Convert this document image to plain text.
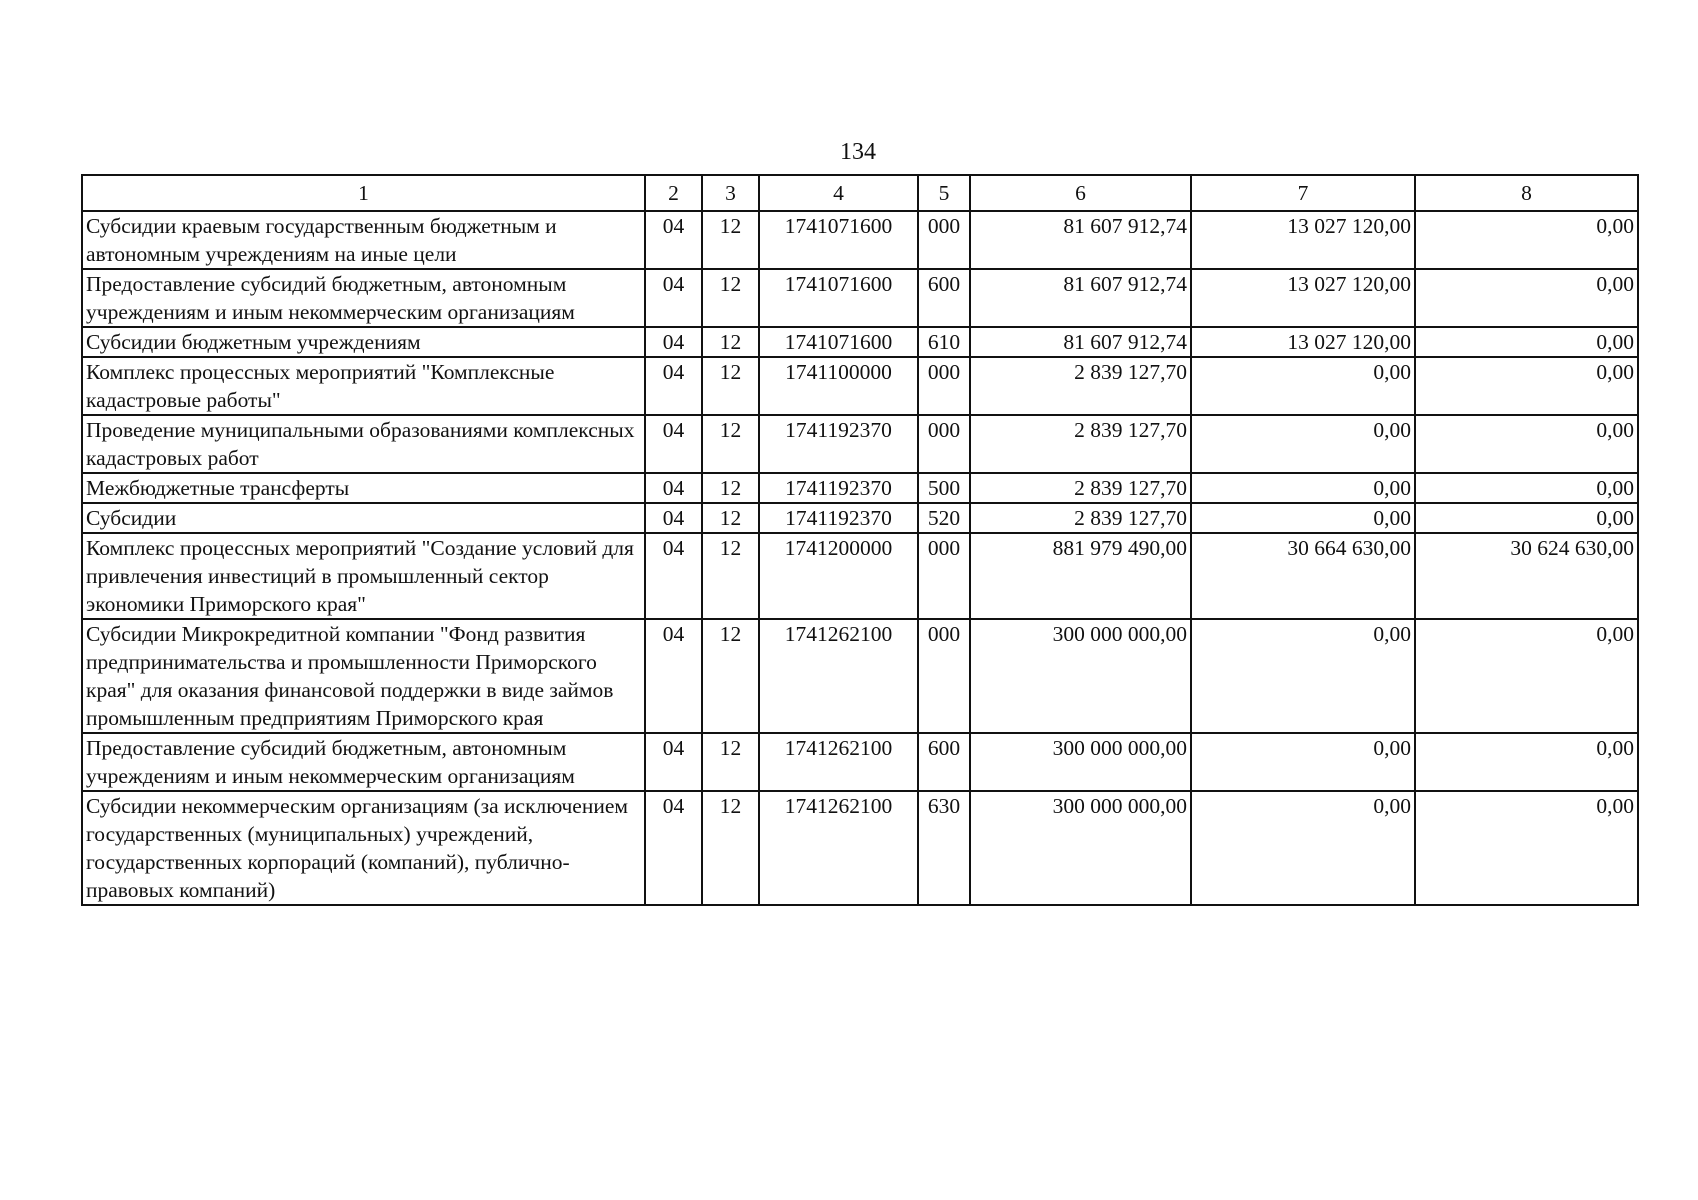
134
1	2	3	4	5	6	7	8
Субсидии краевым государственным бюджетным и автономным учреждениям на иные цели	04	12	1741071600	000	81 607 912,74	13 027 120,00	0,00
Предоставление субсидий бюджетным, автономным учреждениям и иным некоммерческим организациям	04	12	1741071600	600	81 607 912,74	13 027 120,00	0,00
Субсидии бюджетным учреждениям	04	12	1741071600	610	81 607 912,74	13 027 120,00	0,00
Комплекс процессных мероприятий "Комплексные кадастровые работы"	04	12	1741100000	000	2 839 127,70	0,00	0,00
Проведение муниципальными образованиями комплексных кадастровых работ	04	12	1741192370	000	2 839 127,70	0,00	0,00
Межбюджетные трансферты	04	12	1741192370	500	2 839 127,70	0,00	0,00
Субсидии	04	12	1741192370	520	2 839 127,70	0,00	0,00
Комплекс процессных мероприятий "Создание условий для привлечения инвестиций в промышленный сектор экономики Приморского края"	04	12	1741200000	000	881 979 490,00	30 664 630,00	30 624 630,00
Субсидии Микрокредитной компании "Фонд развития предпринимательства и промышленности Приморского края" для оказания финансовой поддержки в виде займов промышленным предприятиям Приморского края	04	12	1741262100	000	300 000 000,00	0,00	0,00
Предоставление субсидий бюджетным, автономным учреждениям и иным некоммерческим организациям	04	12	1741262100	600	300 000 000,00	0,00	0,00
Субсидии некоммерческим организациям (за исключением государственных (муниципальных) учреждений, государственных корпораций (компаний), публично-правовых компаний)	04	12	1741262100	630	300 000 000,00	0,00	0,00
